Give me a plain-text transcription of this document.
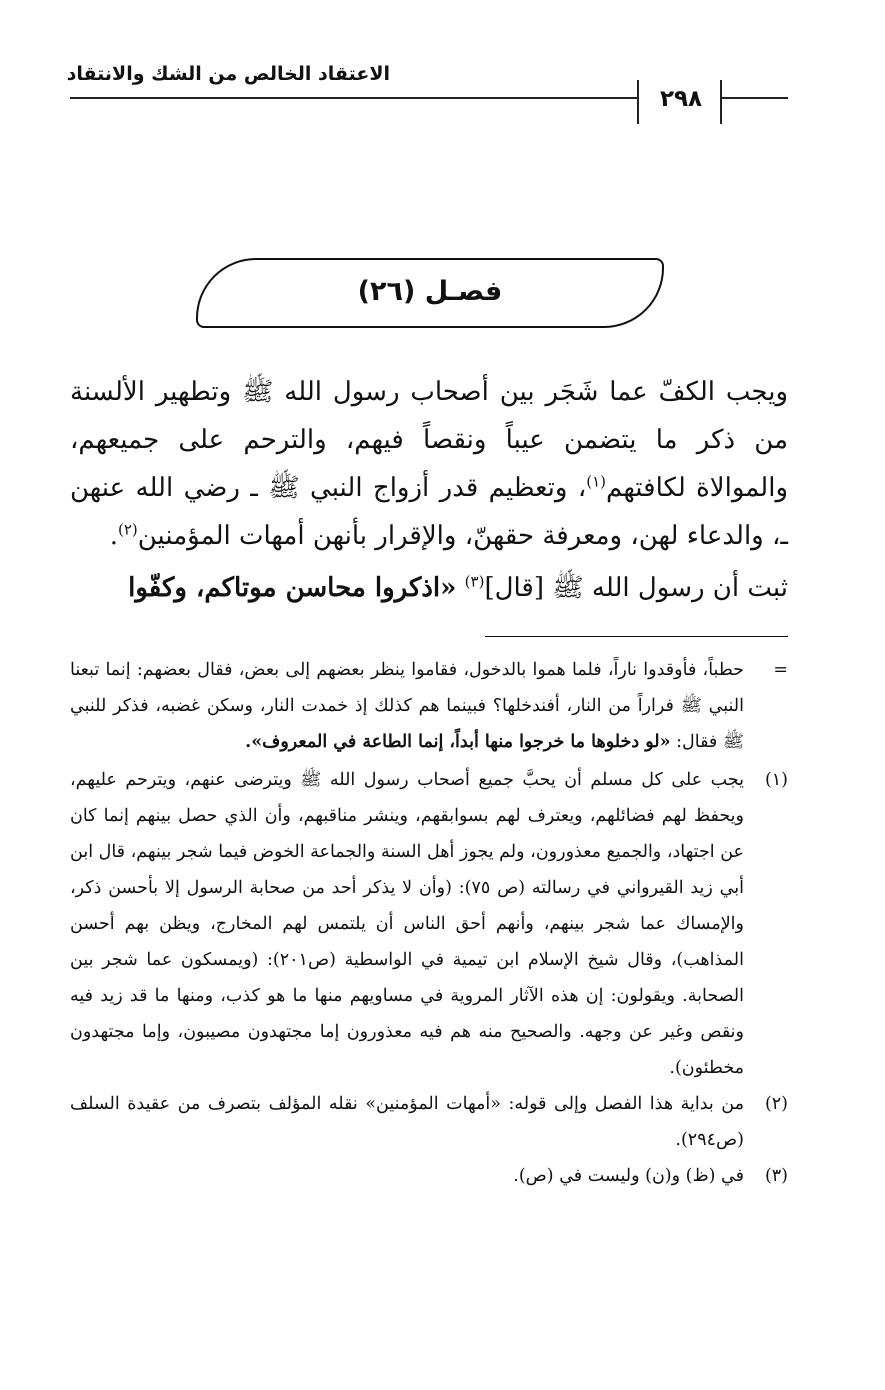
الاعتقاد الخالص من الشك والانتقاد
٢٩٨
فصـل (٢٦)

ويجب الكفّ عما شَجَر بين أصحاب رسول الله ﷺ وتطهير الألسنة من ذكر ما يتضمن عيباً ونقصاً فيهم، والترحم على جميعهم، والموالاة لكافتهم$^{(١)}$، وتعظيم قدر أزواج النبي ﷺ ـ رضي الله عنهن ـ، والدعاء لهن، ومعرفة حقهنّ، والإقرار بأنهن أمهات المؤمنين$^{(٢)}$.

ثبت أن رسول الله ﷺ [قال]$^{(٣)}$ «اذكروا محاسن موتاكم، وكفّوا

=
حطباً، فأوقدوا ناراً، فلما هموا بالدخول، فقاموا ينظر بعضهم إلى بعض، فقال بعضهم: إنما تبعنا النبي ﷺ فراراً من النار، أفندخلها؟ فبينما هم كذلك إذ خمدت النار، وسكن غضبه، فذكر للنبي ﷺ فقال: «لو دخلوها ما خرجوا منها أبداً، إنما الطاعة في المعروف».
(١)
يجب على كل مسلم أن يحبَّ جميع أصحاب رسول الله ﷺ ويترضى عنهم، ويترحم عليهم، ويحفظ لهم فضائلهم، ويعترف لهم بسوابقهم، وينشر مناقبهم، وأن الذي حصل بينهم إنما كان عن اجتهاد، والجميع معذورون، ولم يجوز أهل السنة والجماعة الخوض فيما شجر بينهم، قال ابن أبي زيد القيرواني في رسالته (ص ٧٥): (وأن لا يذكر أحد من صحابة الرسول إلا بأحسن ذكر، والإمساك عما شجر بينهم، وأنهم أحق الناس أن يلتمس لهم المخارج، ويظن بهم أحسن المذاهب)، وقال شيخ الإسلام ابن تيمية في الواسطية (ص٢٠١): (ويمسكون عما شجر بين الصحابة. ويقولون: إن هذه الآثار المروية في مساويهم منها ما هو كذب، ومنها ما قد زيد فيه ونقص وغير عن وجهه. والصحيح منه هم فيه معذورون إما مجتهدون مصيبون، وإما مجتهدون مخطئون).
(٢)
من بداية هذا الفصل وإلى قوله: «أمهات المؤمنين» نقله المؤلف بتصرف من عقيدة السلف (ص٢٩٤).
(٣)
في (ظ) و(ن) وليست في (ص).
